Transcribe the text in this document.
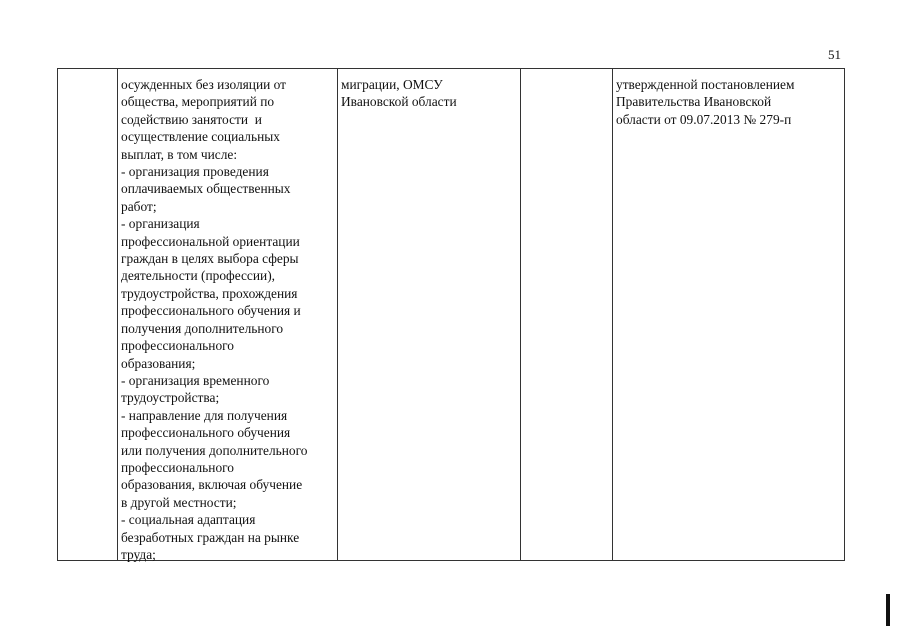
51
осужденных без изоляции от
общества, мероприятий по
содействию занятости  и
осуществление социальных
выплат, в том числе:
- организация проведения
оплачиваемых общественных
работ;
- организация
профессиональной ориентации
граждан в целях выбора сферы
деятельности (профессии),
трудоустройства, прохождения
профессионального обучения и
получения дополнительного
профессионального
образования;
- организация временного
трудоустройства;
- направление для получения
профессионального обучения
или получения дополнительного
профессионального
образования, включая обучение
в другой местности;
- социальная адаптация
безработных граждан на рынке
труда;
миграции, ОМСУ
Ивановской области
утвержденной постановлением
Правительства Ивановской
области от 09.07.2013 № 279-п
